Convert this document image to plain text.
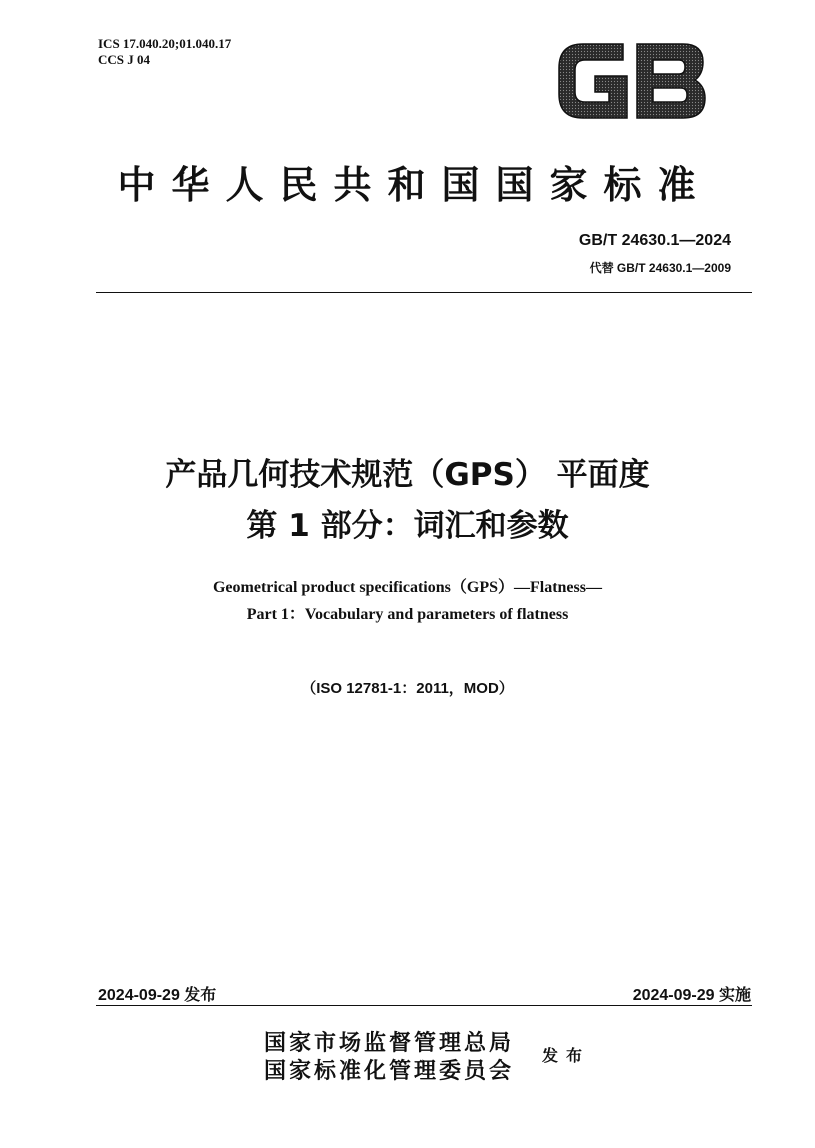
ICS 17.040.20;01.040.17
CCS J 04
中华人民共和国国家标准
GB/T 24630.1—2024
代替 GB/T 24630.1—2009
产品几何技术规范（GPS） 平面度
第 1 部分：词汇和参数
Geometrical product specifications（GPS）—Flatness—
Part 1：Vocabulary and parameters of flatness
（ISO 12781-1：2011，MOD）
2024-09-29 发布	2024-09-29 实施
国家市场监督管理总局
国家标准化管理委员会
发布
